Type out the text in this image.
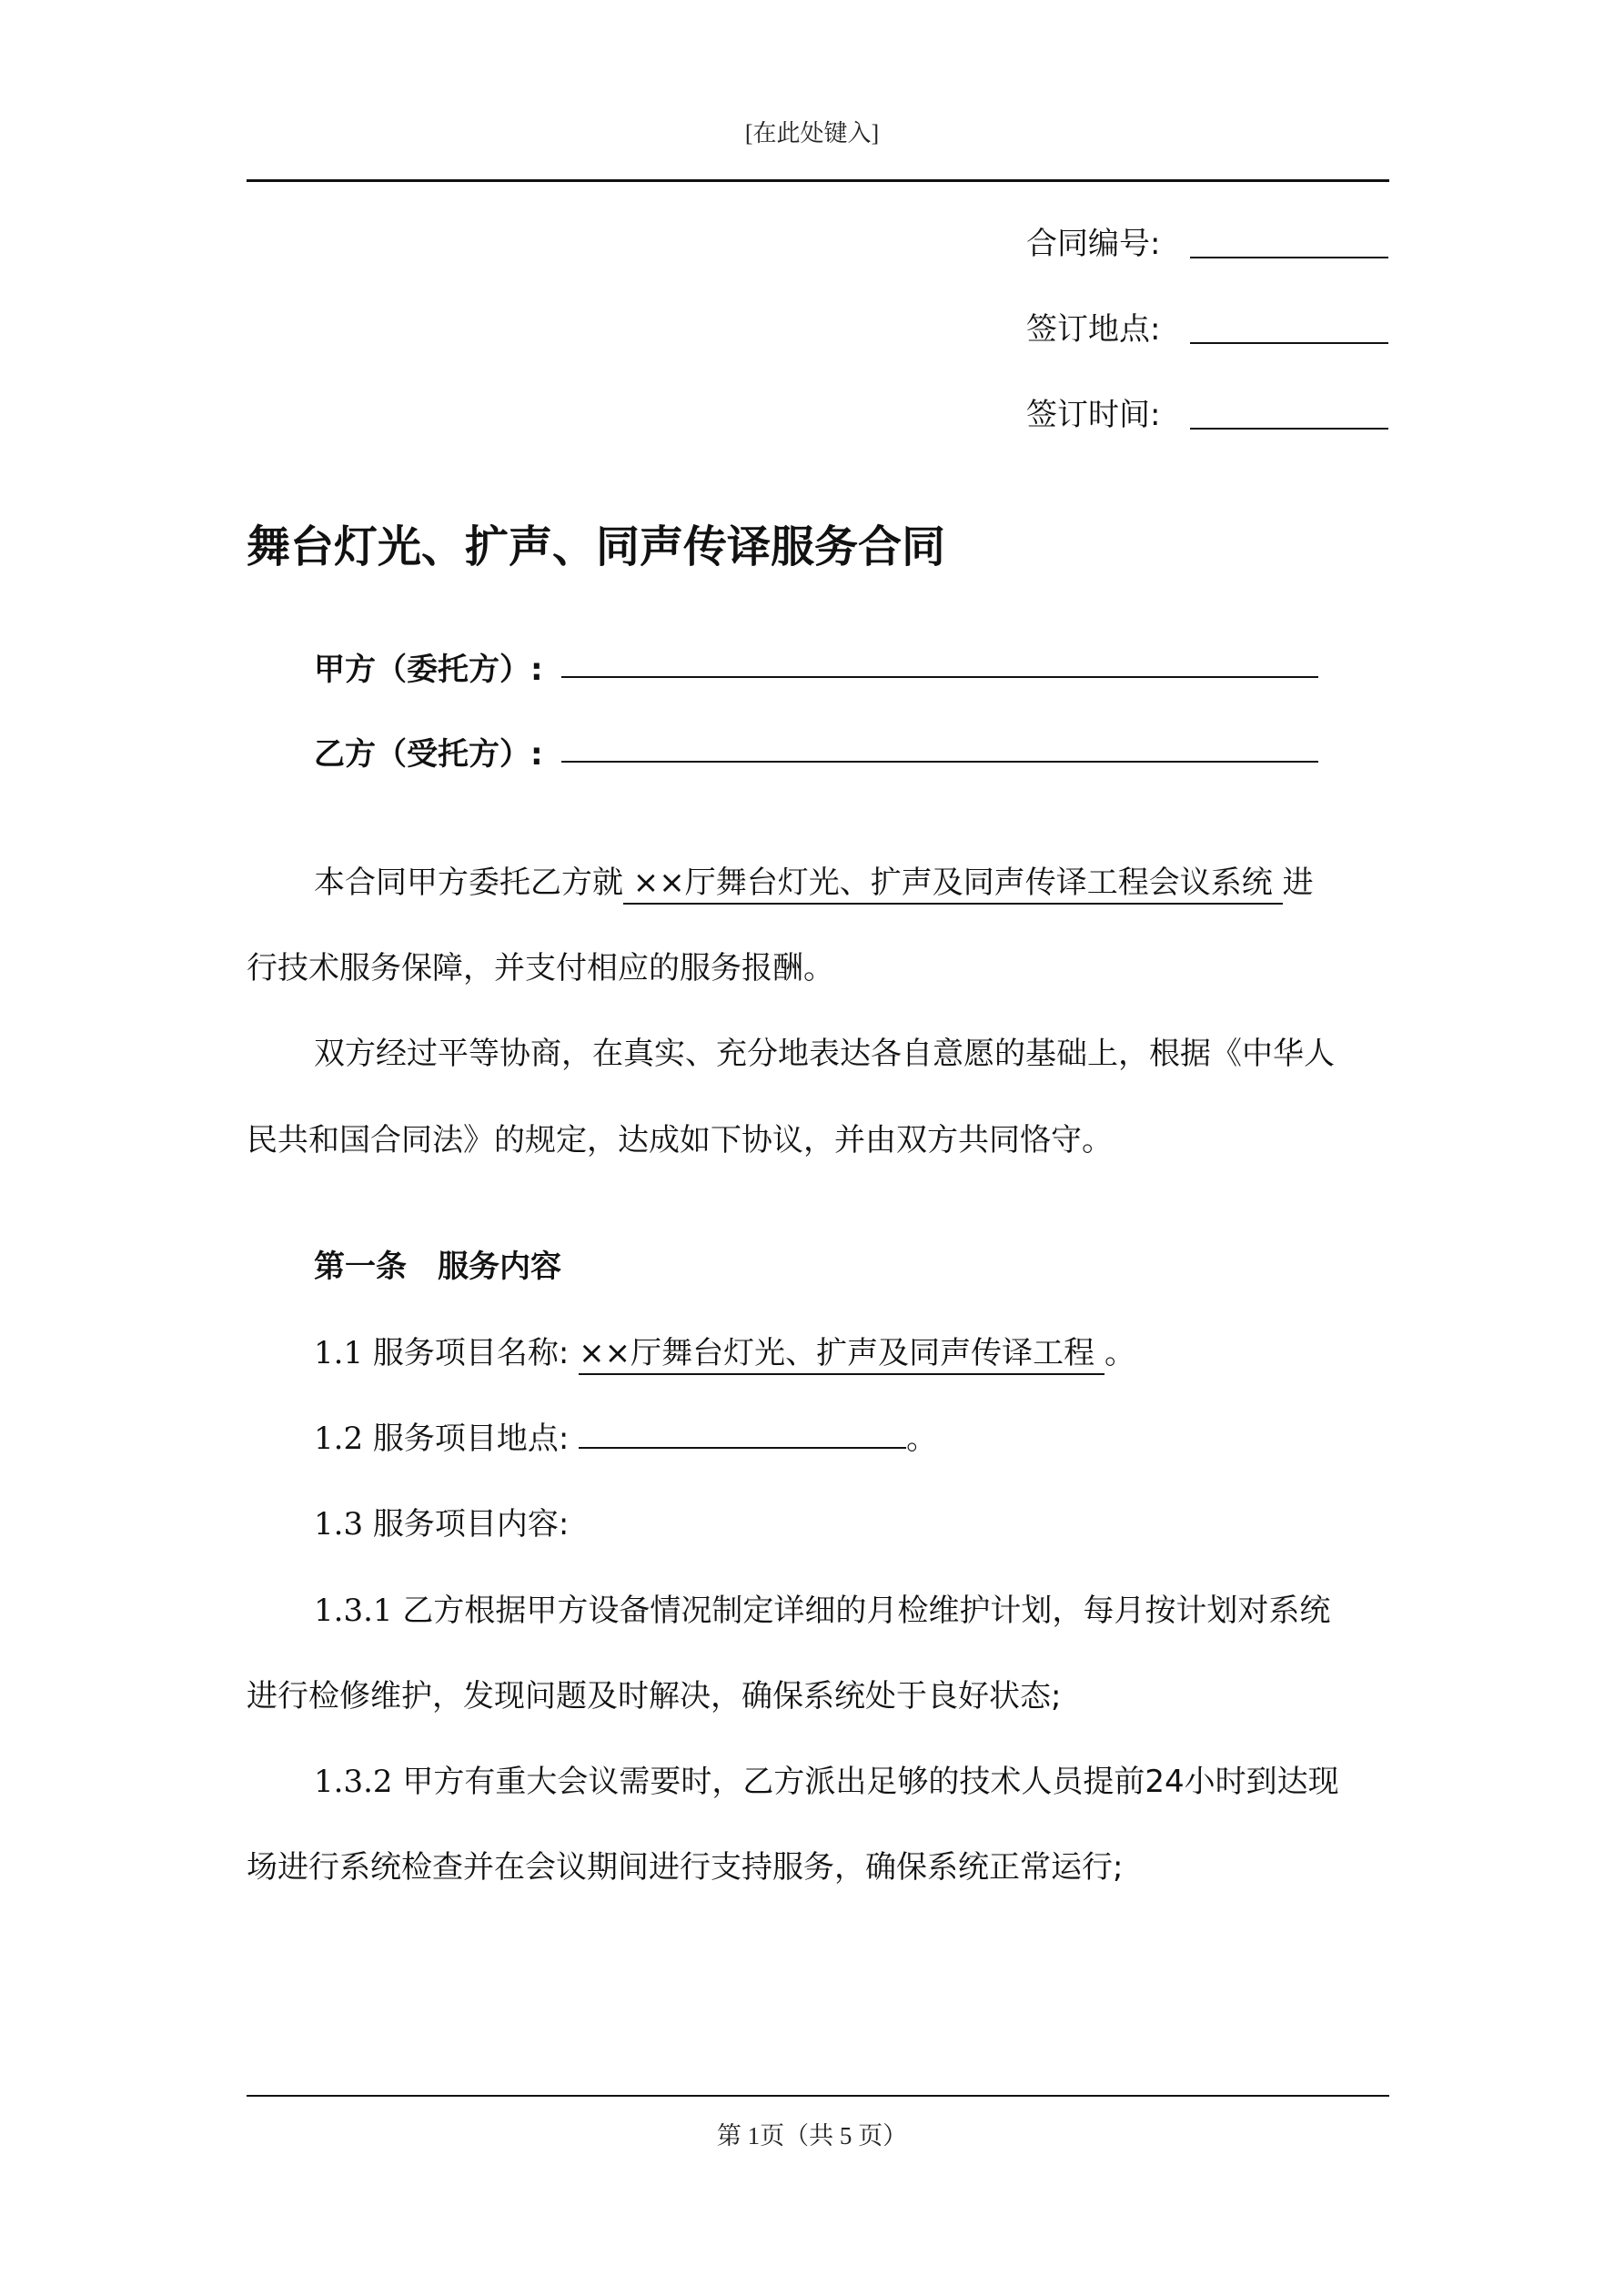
[在此处键入]
合同编号:
签订地点:
签订时间:
舞台灯光、扩声、同声传译服务合同
甲方（委托方）:
乙方（受托方）:
本合同甲方委托乙方就 ××厅舞台灯光、扩声及同声传译工程会议系统 进
行技术服务保障，并支付相应的服务报酬。
双方经过平等协商，在真实、充分地表达各自意愿的基础上，根据《中华人
民共和国合同法》的规定，达成如下协议，并由双方共同恪守。
第一条　服务内容
1.1 服务项目名称: ××厅舞台灯光、扩声及同声传译工程 。
1.2 服务项目地点:	。
1.3 服务项目内容:
1.3.1 乙方根据甲方设备情况制定详细的月检维护计划，每月按计划对系统
进行检修维护，发现问题及时解决，确保系统处于良好状态;
1.3.2 甲方有重大会议需要时，乙方派出足够的技术人员提前24小时到达现
场进行系统检查并在会议期间进行支持服务，确保系统正常运行;
第 1页（共 5 页）
